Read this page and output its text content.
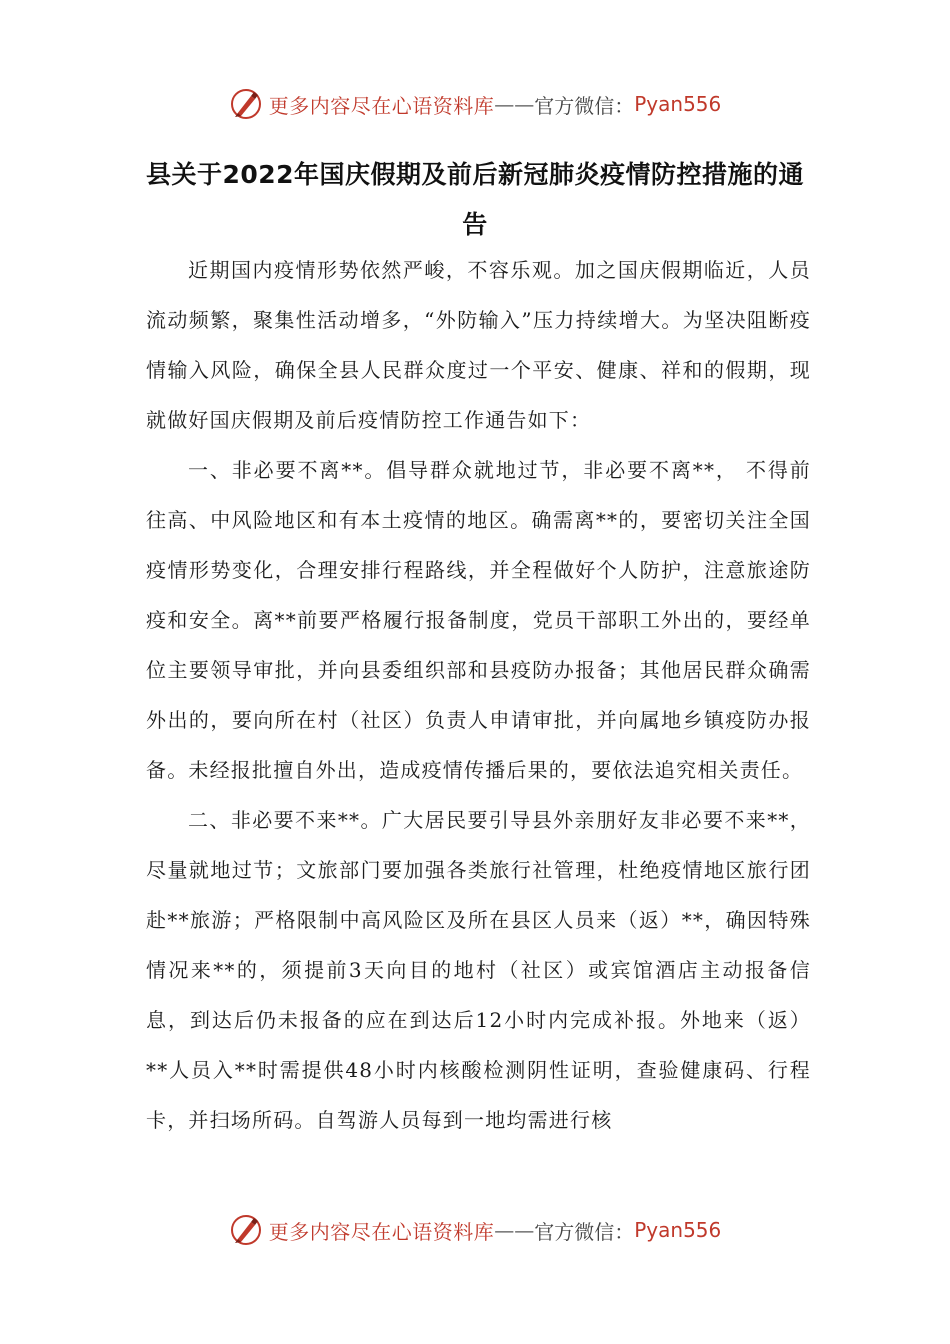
更多内容尽在心语资料库 —— 官方微信： Pyan556
县关于2022年国庆假期及前后新冠肺炎疫情防控措施的通告

近期国内疫情形势依然严峻，不容乐观。加之国庆假期临近，人员流动频繁，聚集性活动增多，“外防输入”压力持续增大。为坚决阻断疫情输入风险，确保全县人民群众度过一个平安、健康、祥和的假期，现就做好国庆假期及前后疫情防控工作通告如下：

一、非必要不离**。倡导群众就地过节，非必要不离**， 不得前往高、中风险地区和有本土疫情的地区。确需离**的，要密切关注全国疫情形势变化，合理安排行程路线，并全程做好个人防护，注意旅途防疫和安全。离**前要严格履行报备制度，党员干部职工外出的，要经单位主要领导审批，并向县委组织部和县疫防办报备；其他居民群众确需外出的，要向所在村（社区）负责人申请审批，并向属地乡镇疫防办报备。未经报批擅自外出，造成疫情传播后果的，要依法追究相关责任。

二、非必要不来**。广大居民要引导县外亲朋好友非必要不来**，尽量就地过节；文旅部门要加强各类旅行社管理，杜绝疫情地区旅行团赴**旅游；严格限制中高风险区及所在县区人员来（返）**，确因特殊情况来**的，须提前3天向目的地村（社区）或宾馆酒店主动报备信息，到达后仍未报备的应在到达后12小时内完成补报。外地来（返）**人员入**时需提供48小时内核酸检测阴性证明，查验健康码、行程卡，并扫场所码。自驾游人员每到一地均需进行核

更多内容尽在心语资料库 —— 官方微信： Pyan556
